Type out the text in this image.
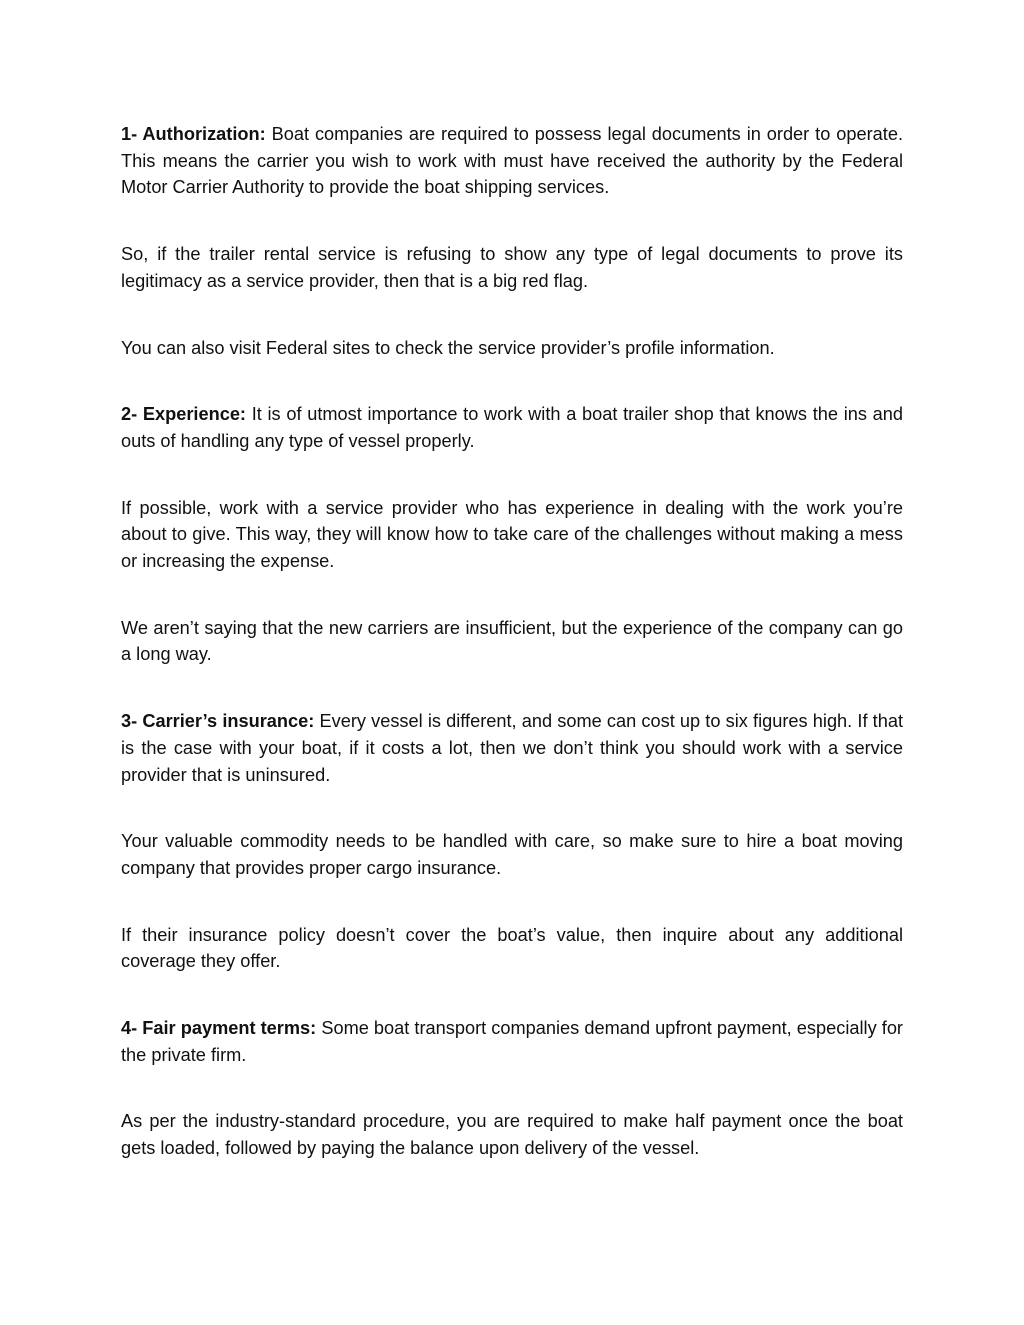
1- Authorization: Boat companies are required to possess legal documents in order to operate. This means the carrier you wish to work with must have received the authority by the Federal Motor Carrier Authority to provide the boat shipping services.

So, if the trailer rental service is refusing to show any type of legal documents to prove its legitimacy as a service provider, then that is a big red flag.

You can also visit Federal sites to check the service provider’s profile information.

2- Experience: It is of utmost importance to work with a boat trailer shop that knows the ins and outs of handling any type of vessel properly.

If possible, work with a service provider who has experience in dealing with the work you’re about to give. This way, they will know how to take care of the challenges without making a mess or increasing the expense.

We aren’t saying that the new carriers are insufficient, but the experience of the company can go a long way.

3- Carrier’s insurance: Every vessel is different, and some can cost up to six figures high. If that is the case with your boat, if it costs a lot, then we don’t think you should work with a service provider that is uninsured.

Your valuable commodity needs to be handled with care, so make sure to hire a boat moving company that provides proper cargo insurance.

If their insurance policy doesn’t cover the boat’s value, then inquire about any additional coverage they offer.

4- Fair payment terms: Some boat transport companies demand upfront payment, especially for the private firm.

As per the industry-standard procedure, you are required to make half payment once the boat gets loaded, followed by paying the balance upon delivery of the vessel.
